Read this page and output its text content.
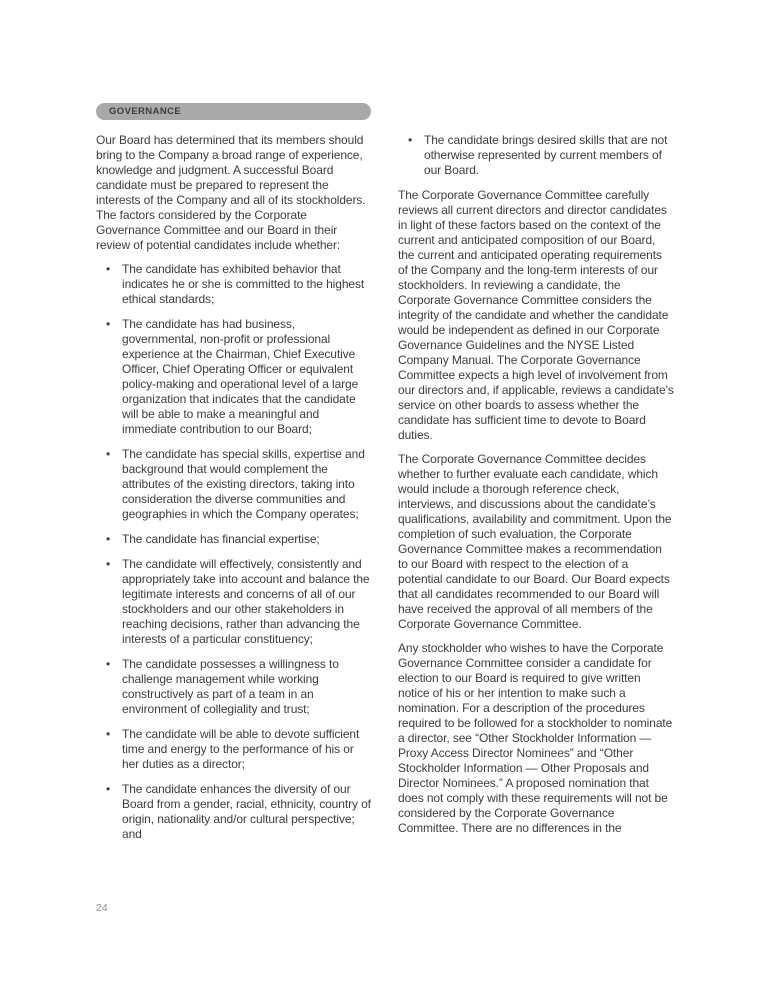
GOVERNANCE

Our Board has determined that its members should bring to the Company a broad range of experience, knowledge and judgment. A successful Board candidate must be prepared to represent the interests of the Company and all of its stockholders. The factors considered by the Corporate Governance Committee and our Board in their review of potential candidates include whether:

• The candidate has exhibited behavior that indicates he or she is committed to the highest ethical standards;
• The candidate has had business, governmental, non-profit or professional experience at the Chairman, Chief Executive Officer, Chief Operating Officer or equivalent policy-making and operational level of a large organization that indicates that the candidate will be able to make a meaningful and immediate contribution to our Board;
• The candidate has special skills, expertise and background that would complement the attributes of the existing directors, taking into consideration the diverse communities and geographies in which the Company operates;
• The candidate has financial expertise;
• The candidate will effectively, consistently and appropriately take into account and balance the legitimate interests and concerns of all of our stockholders and our other stakeholders in reaching decisions, rather than advancing the interests of a particular constituency;
• The candidate possesses a willingness to challenge management while working constructively as part of a team in an environment of collegiality and trust;
• The candidate will be able to devote sufficient time and energy to the performance of his or her duties as a director;
• The candidate enhances the diversity of our Board from a gender, racial, ethnicity, country of origin, nationality and/or cultural perspective; and
• The candidate brings desired skills that are not otherwise represented by current members of our Board.

The Corporate Governance Committee carefully reviews all current directors and director candidates in light of these factors based on the context of the current and anticipated composition of our Board, the current and anticipated operating requirements of the Company and the long-term interests of our stockholders. In reviewing a candidate, the Corporate Governance Committee considers the integrity of the candidate and whether the candidate would be independent as defined in our Corporate Governance Guidelines and the NYSE Listed Company Manual. The Corporate Governance Committee expects a high level of involvement from our directors and, if applicable, reviews a candidate’s service on other boards to assess whether the candidate has sufficient time to devote to Board duties.

The Corporate Governance Committee decides whether to further evaluate each candidate, which would include a thorough reference check, interviews, and discussions about the candidate’s qualifications, availability and commitment. Upon the completion of such evaluation, the Corporate Governance Committee makes a recommendation to our Board with respect to the election of a potential candidate to our Board. Our Board expects that all candidates recommended to our Board will have received the approval of all members of the Corporate Governance Committee.

Any stockholder who wishes to have the Corporate Governance Committee consider a candidate for election to our Board is required to give written notice of his or her intention to make such a nomination. For a description of the procedures required to be followed for a stockholder to nominate a director, see “Other Stockholder Information — Proxy Access Director Nominees” and “Other Stockholder Information — Other Proposals and Director Nominees.” A proposed nomination that does not comply with these requirements will not be considered by the Corporate Governance Committee. There are no differences in the

24
